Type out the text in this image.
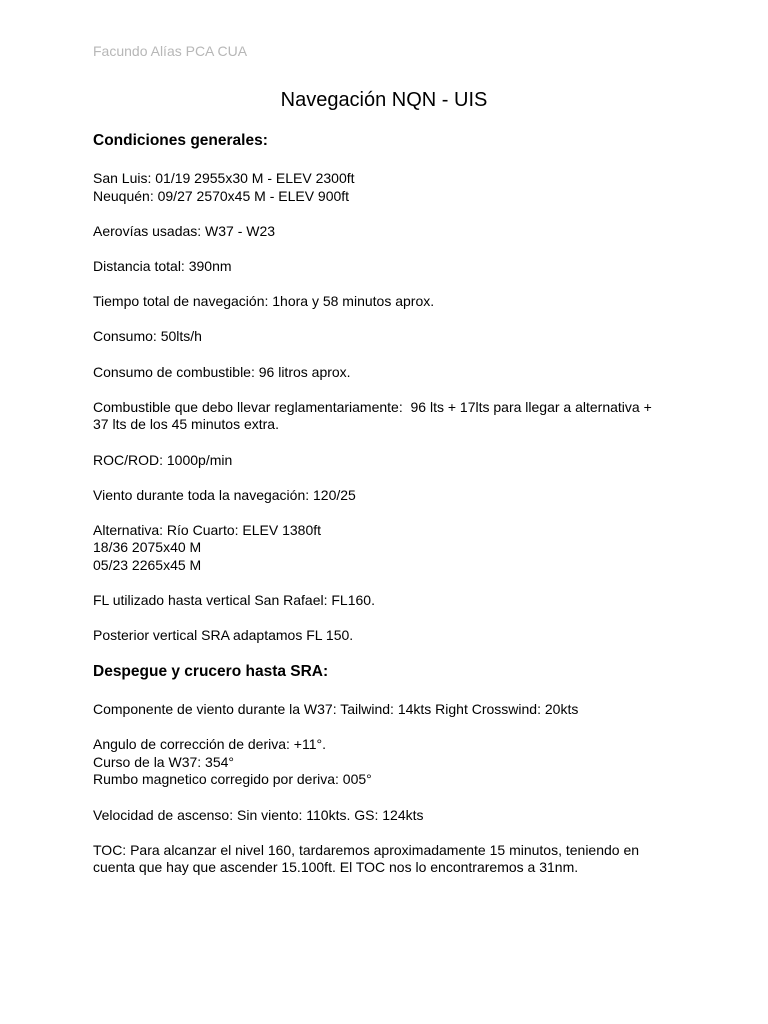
Facundo Alías PCA CUA
Navegación NQN - UIS
Condiciones generales:

San Luis: 01/19 2955x30 M - ELEV 2300ft
Neuquén: 09/27 2570x45 M - ELEV 900ft

Aerovías usadas: W37 - W23

Distancia total: 390nm

Tiempo total de navegación: 1hora y 58 minutos aprox.

Consumo: 50lts/h

Consumo de combustible: 96 litros aprox.

Combustible que debo llevar reglamentariamente:  96 lts + 17lts para llegar a alternativa +
37 lts de los 45 minutos extra.

ROC/ROD: 1000p/min

Viento durante toda la navegación: 120/25

Alternativa: Río Cuarto: ELEV 1380ft
18/36 2075x40 M
05/23 2265x45 M

FL utilizado hasta vertical San Rafael: FL160.

Posterior vertical SRA adaptamos FL 150.

Despegue y crucero hasta SRA:

Componente de viento durante la W37: Tailwind: 14kts Right Crosswind: 20kts

Angulo de corrección de deriva: +11°.
Curso de la W37: 354°
Rumbo magnetico corregido por deriva: 005°

Velocidad de ascenso: Sin viento: 110kts. GS: 124kts

TOC: Para alcanzar el nivel 160, tardaremos aproximadamente 15 minutos, teniendo en
cuenta que hay que ascender 15.100ft. El TOC nos lo encontraremos a 31nm.
